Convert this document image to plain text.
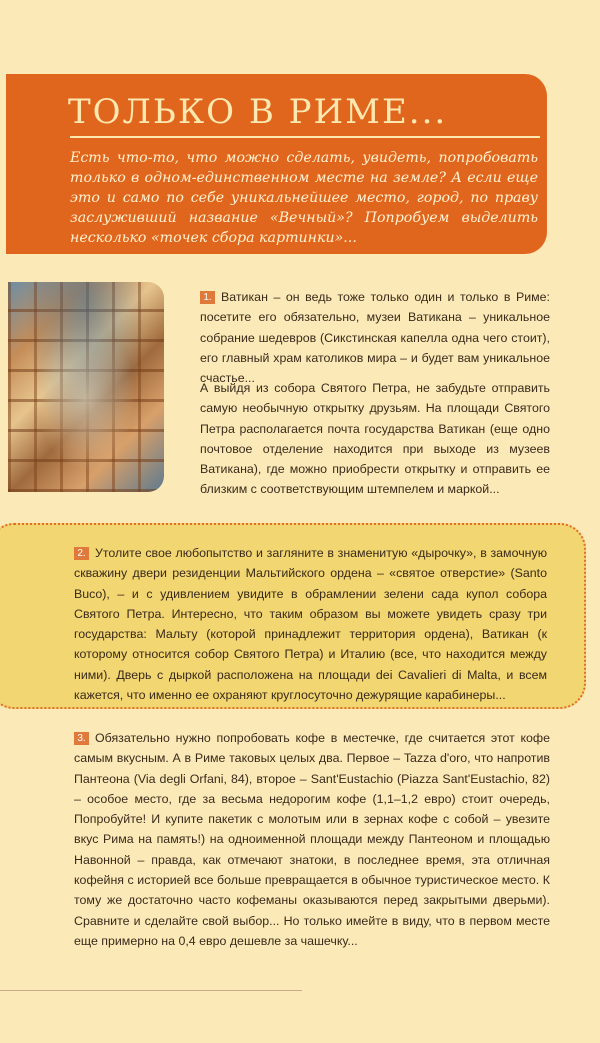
ТОЛЬКО В РИМЕ...

Есть что-то, что можно сделать, увидеть, попробовать только в одном-единственном месте на земле? А если еще это и само по себе уникальнейшее место, город, по праву заслуживший название «Вечный»? Попробуем выделить несколько «точек сбора картинки»...

1. Ватикан – он ведь тоже только один и только в Риме: посетите его обязательно, музеи Ватикана – уникальное собрание шедевров (Сикстинская капелла одна чего стоит), его главный храм католиков мира – и будет вам уникальное счастье...

А выйдя из собора Святого Петра, не забудьте отправить самую необычную открытку друзьям. На площади Святого Петра располагается почта государства Ватикан (еще одно почтовое отделение находится при выходе из музеев Ватикана), где можно приобрести открытку и отправить ее близким с соответствующим штемпелем и маркой...

2. Утолите свое любопытство и загляните в знаменитую «дырочку», в замочную скважину двери резиденции Мальтийского ордена – «святое отверстие» (Santo Buco), – и с удивлением увидите в обрамлении зелени сада купол собора Святого Петра. Интересно, что таким образом вы можете увидеть сразу три государства: Мальту (которой принадлежит территория ордена), Ватикан (к которому относится собор Святого Петра) и Италию (все, что находится между ними). Дверь с дыркой расположена на площади dei Cavalieri di Malta, и всем кажется, что именно ее охраняют круглосуточно дежурящие карабинеры...

3. Обязательно нужно попробовать кофе в местечке, где считается этот кофе самым вкусным. А в Риме таковых целых два. Первое – Tazza d'oro, что напротив Пантеона (Via degli Orfani, 84), второе – Sant'Eustachio (Piazza Sant'Eustachio, 82) – особое место, где за весьма недорогим кофе (1,1–1,2 евро) стоит очередь, Попробуйте! И купите пакетик с молотым или в зернах кофе с собой – увезите вкус Рима на память!) на одноименной площади между Пантеоном и площадью Навонной – правда, как отмечают знатоки, в последнее время, эта отличная кофейня с историей все больше превращается в обычное туристическое место. К тому же достаточно часто кофеманы оказываются перед закрытыми дверьми). Сравните и сделайте свой выбор... Но только имейте в виду, что в первом месте еще примерно на 0,4 евро дешевле за чашечку...
